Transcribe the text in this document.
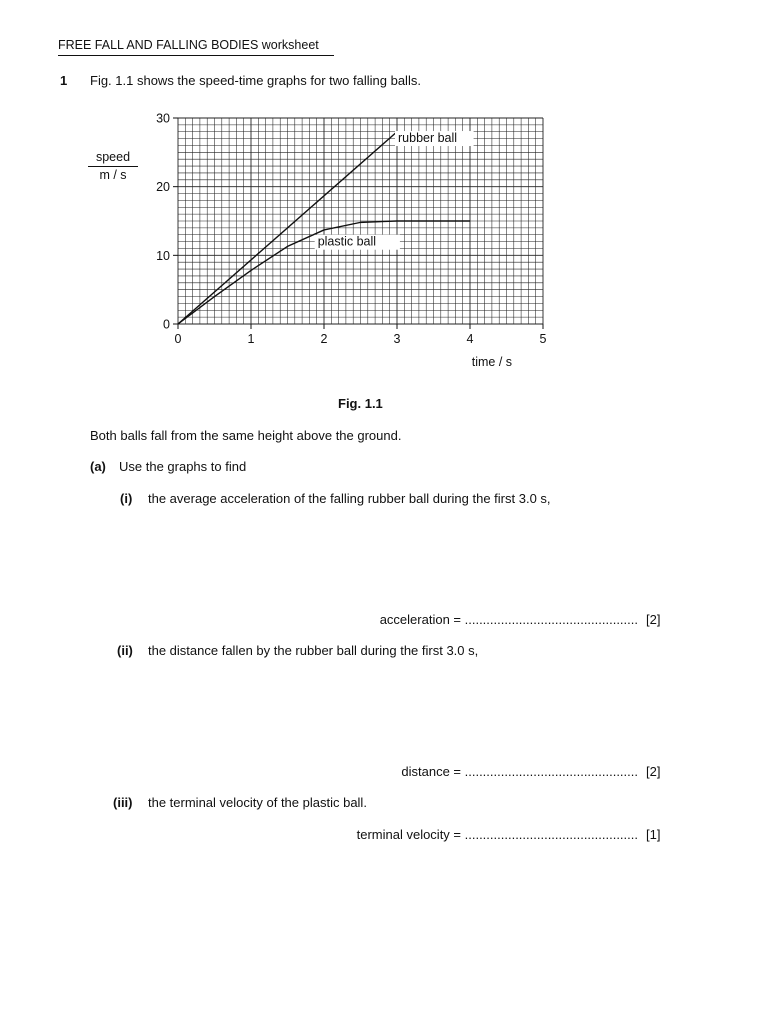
FREE FALL AND FALLING BODIES worksheet
1 Fig. 1.1 shows the speed-time graphs for two falling balls.
speed
m / s
0
10
20
30
0	1	2	3	4	5
time / s
rubber ball
plastic ball
Fig. 1.1
Both balls fall from the same height above the ground.
(a) Use the graphs to find
(i) the average acceleration of the falling rubber ball during the first 3.0 s,
acceleration = ................................................ [2]
(ii) the distance fallen by the rubber ball during the first 3.0 s,
distance = ................................................ [2]
(iii) the terminal velocity of the plastic ball.
terminal velocity = ................................................ [1]
